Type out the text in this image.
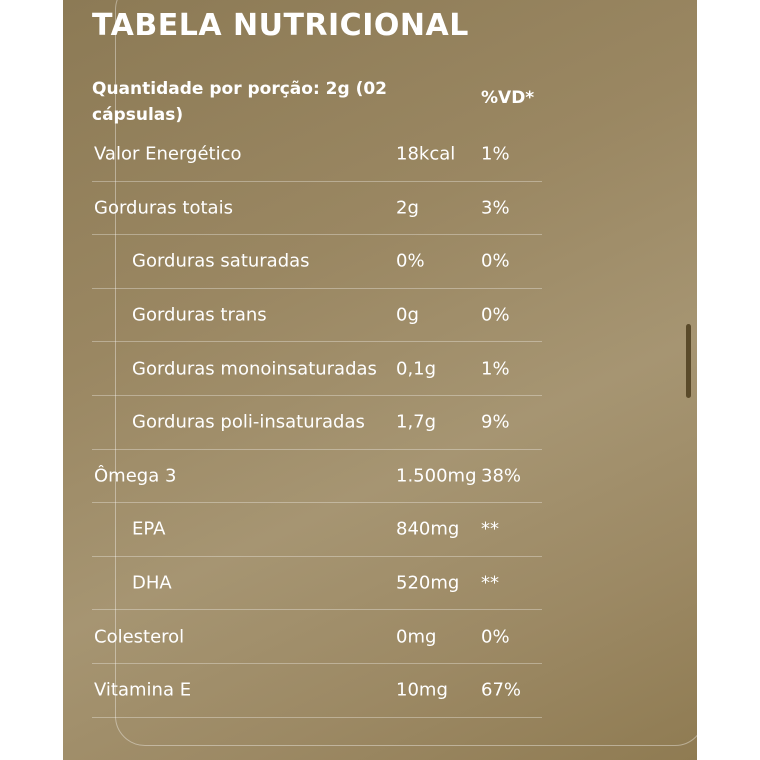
TABELA NUTRICIONAL
Quantidade por porção: 2g (02 cápsulas)
%VD*
Valor Energético	18kcal 1%
Gorduras totais	2g	3%
Gorduras saturadas	0%	0%
Gorduras trans	0g	0%
Gorduras monoinsaturadas 0,1g 1%
Gorduras poli-insaturadas 1,7g 9%
Ômega 3	1.500mg 38%
EPA	840mg **
DHA	520mg **
Colesterol	0mg 0%
Vitamina E	10mg 67%
